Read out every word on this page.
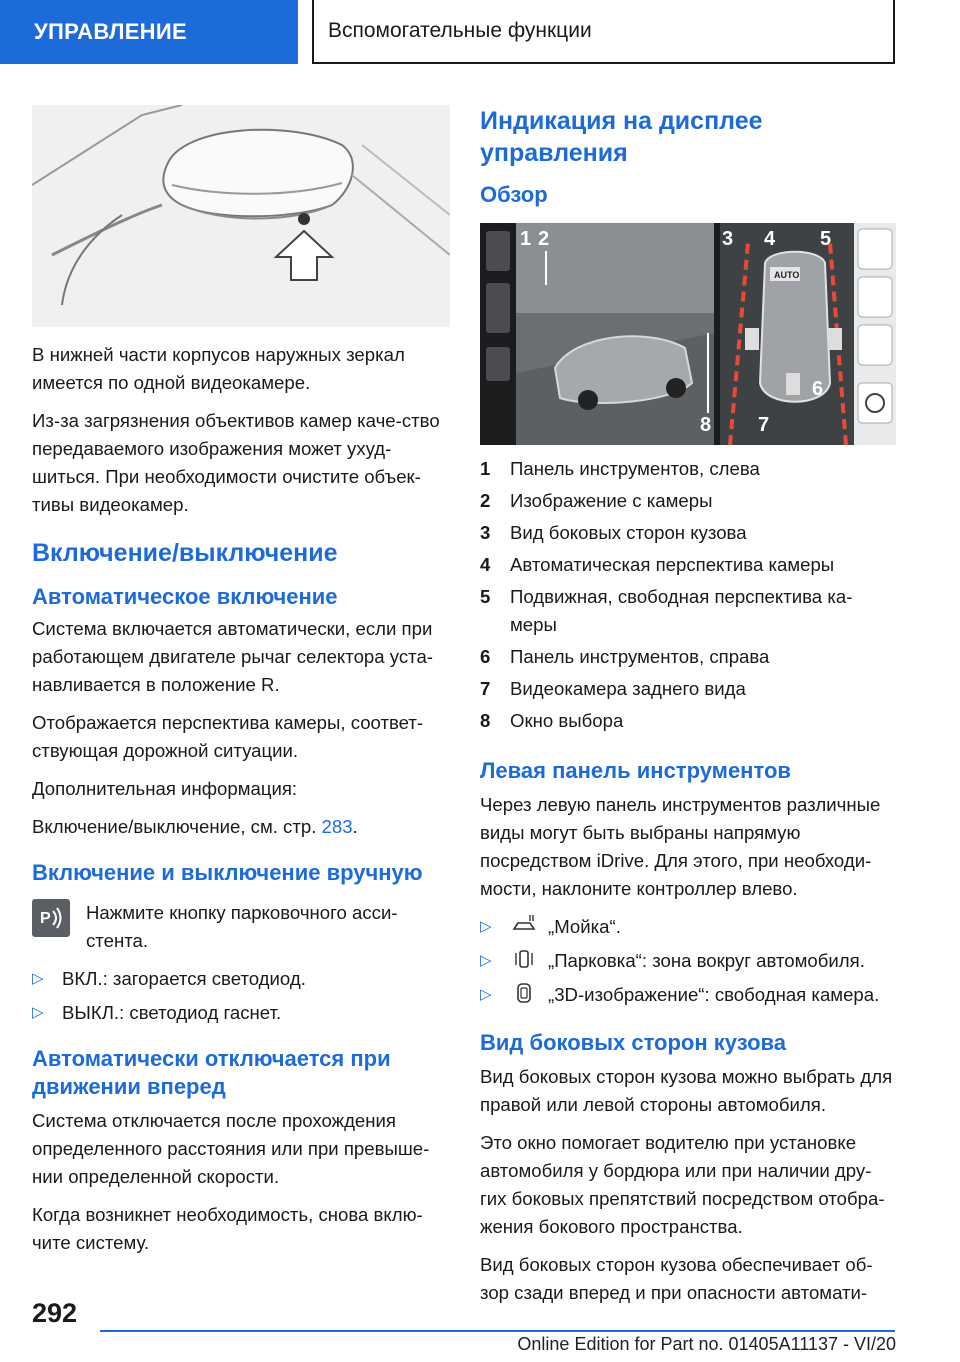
УПРАВЛЕНИЕ	Вспомогательные функции

В нижней части корпусов наружных зеркал имеется по одной видеокамере.

Из-за загрязнения объективов камер каче-ство передаваемого изображения может ухуд-шиться. При необходимости очистите объек-тивы видеокамер.

Включение/выключение
Автоматическое включение

Система включается автоматически, если при работающем двигателе рычаг селектора уста-навливается в положение R.

Отображается перспектива камеры, соответ-ствующая дорожной ситуации.

Дополнительная информация:

Включение/выключение, см. стр. 283.

Включение и выключение вручную
P Нажмите кнопку парковочного асси-стента.
▷ ВКЛ.: загорается светодиод.
▷ ВЫКЛ.: светодиод гаснет.
Автоматически отключается при движении вперед

Система отключается после прохождения определенного расстояния или при превыше-нии определенной скорости.

Когда возникнет необходимость, снова вклю-чите систему.

Индикация на дисплее управления
Обзор
AUTO
1 2	3 4 5
6
7
8
1	Панель инструментов, слева
2	Изображение с камеры
3	Вид боковых сторон кузова
4	Автоматическая перспектива камеры
5	Подвижная, свободная перспектива ка-меры
6	Панель инструментов, справа
7	Видеокамера заднего вида
8	Окно выбора
Левая панель инструментов

Через левую панель инструментов различные виды могут быть выбраны напрямую посредством iDrive. Для этого, при необходи-мости, наклоните контроллер влево.

▷	„Мойка“.
▷	„Парковка“: зона вокруг автомобиля.
▷	„3D-изображение“: свободная камера.
Вид боковых сторон кузова

Вид боковых сторон кузова можно выбрать для правой или левой стороны автомобиля.

Это окно помогает водителю при установке автомобиля у бордюра или при наличии дру-гих боковых препятствий посредством отобра-жения бокового пространства.

Вид боковых сторон кузова обеспечивает об-зор сзади вперед и при опасности автомати-

292
Online Edition for Part no. 01405A11137 - VI/20
